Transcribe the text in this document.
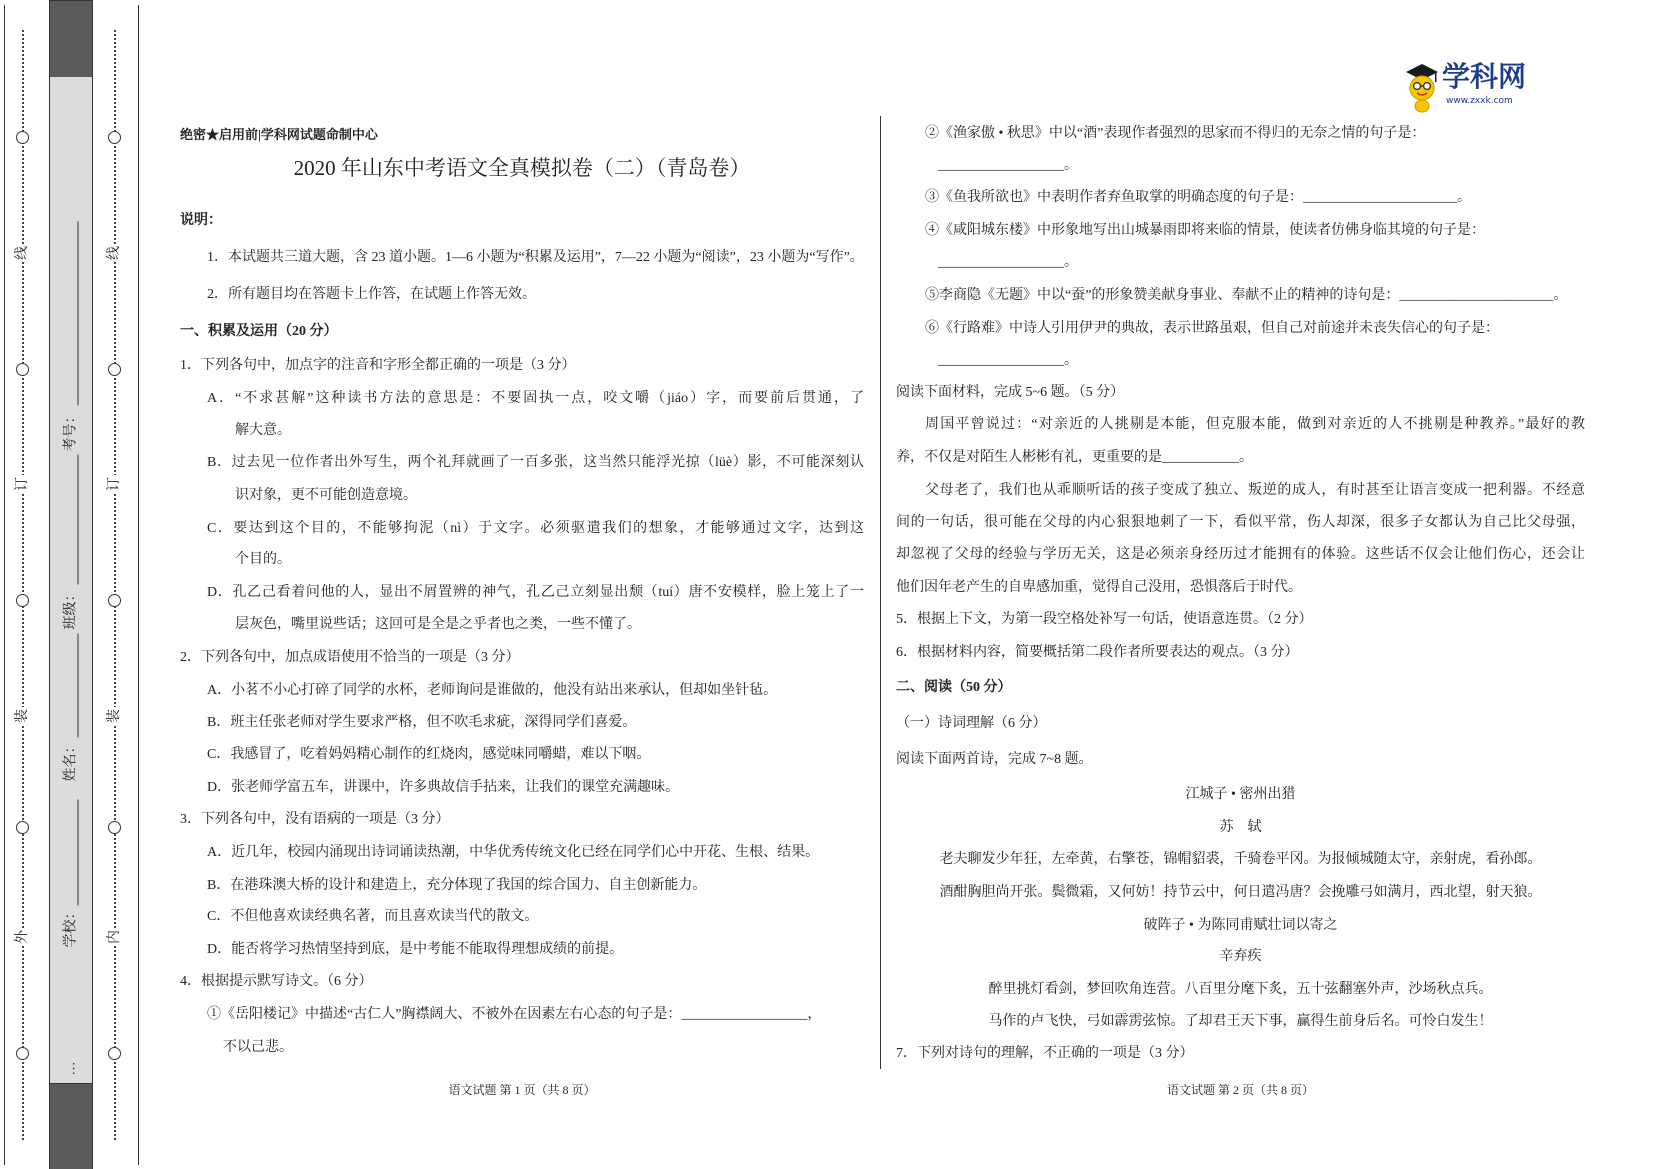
线
订
装
外
…
学校：
姓名：
班级：
考号：
线
订
装
内
学科网
www.zxxk.com
绝密★启用前|学科网试题命制中心
2020 年山东中考语文全真模拟卷（二）（青岛卷）
说明：
1．本试题共三道大题，含 23 道小题。1—6 小题为“积累及运用”，7—22 小题为“阅读”，23 小题为“写作”。
2．所有题目均在答题卡上作答，在试题上作答无效。
一、积累及运用（20 分）
1．下列各句中，加点字的注音和字形全都正确的一项是（3 分）
A．“不求甚解”这种读书方法的意思是：不要固执一点，咬文嚼（jiáo）字，而要前后贯通，了
解大意。
B．过去见一位作者出外写生，两个礼拜就画了一百多张，这当然只能浮光掠（lüè）影，不可能深刻认
识对象，更不可能创造意境。
C．要达到这个目的，不能够拘泥（nì）于文字。必须驱遣我们的想象，才能够通过文字，达到这
个目的。
D．孔乙己看着问他的人，显出不屑置辨的神气，孔乙己立刻显出颓（tuí）唐不安模样，脸上笼上了一
层灰色，嘴里说些话；这回可是全是之乎者也之类，一些不懂了。
2．下列各句中，加点成语使用不恰当的一项是（3 分）
A．小茗不小心打碎了同学的水杯，老师询问是谁做的，他没有站出来承认，但却如坐针毡。
B．班主任张老师对学生要求严格，但不吹毛求疵，深得同学们喜爱。
C．我感冒了，吃着妈妈精心制作的红烧肉，感觉味同嚼蜡，难以下咽。
D．张老师学富五车，讲课中，许多典故信手拈来，让我们的课堂充满趣味。
3．下列各句中，没有语病的一项是（3 分）
A．近几年，校园内涌现出诗词诵读热潮，中华优秀传统文化已经在同学们心中开花、生根、结果。
B．在港珠澳大桥的设计和建造上，充分体现了我国的综合国力、自主创新能力。
C．不但他喜欢读经典名著，而且喜欢读当代的散文。
D．能否将学习热情坚持到底，是中考能不能取得理想成绩的前提。
4．根据提示默写诗文。（6 分）
①《岳阳楼记》中描述“古仁人”胸襟阔大、不被外在因素左右心态的句子是：__________________，
不以己悲。
语文试题 第 1 页（共 8 页）
②《渔家傲 • 秋思》中以“酒”表现作者强烈的思家而不得归的无奈之情的句子是：
__________________。
③《鱼我所欲也》中表明作者弃鱼取掌的明确态度的句子是：______________________。
④《咸阳城东楼》中形象地写出山城暴雨即将来临的情景，使读者仿佛身临其境的句子是：
__________________。
⑤李商隐《无题》中以“蚕”的形象赞美献身事业、奉献不止的精神的诗句是：______________________。
⑥《行路难》中诗人引用伊尹的典故，表示世路虽艰，但自己对前途并未丧失信心的句子是：
__________________。
阅读下面材料，完成 5~6 题。（5 分）
周国平曾说过：“对亲近的人挑剔是本能，但克服本能，做到对亲近的人不挑剔是种教养。”最好的教
养，不仅是对陌生人彬彬有礼，更重要的是___________。
父母老了，我们也从乖顺听话的孩子变成了独立、叛逆的成人，有时甚至让语言变成一把利器。不经意
间的一句话，很可能在父母的内心狠狠地刺了一下，看似平常，伤人却深，很多子女都认为自己比父母强，
却忽视了父母的经验与学历无关，这是必须亲身经历过才能拥有的体验。这些话不仅会让他们伤心，还会让
他们因年老产生的自卑感加重，觉得自己没用，恐惧落后于时代。
5．根据上下文，为第一段空格处补写一句话，使语意连贯。（2 分）
6．根据材料内容，简要概括第二段作者所要表达的观点。（3 分）
二、阅读（50 分）
（一）诗词理解（6 分）
阅读下面两首诗，完成 7~8 题。
江城子 • 密州出猎
苏　轼
老夫聊发少年狂，左牵黄，右擎苍，锦帽貂裘，千骑卷平冈。为报倾城随太守，亲射虎，看孙郎。
酒酣胸胆尚开张。鬓微霜，又何妨！持节云中，何日遣冯唐？会挽雕弓如满月，西北望，射天狼。
破阵子 • 为陈同甫赋壮词以寄之
辛弃疾
醉里挑灯看剑，梦回吹角连营。八百里分麾下炙，五十弦翻塞外声，沙场秋点兵。
马作的卢飞快，弓如霹雳弦惊。了却君王天下事，赢得生前身后名。可怜白发生！
7．下列对诗句的理解，不正确的一项是（3 分）
语文试题 第 2 页（共 8 页）
